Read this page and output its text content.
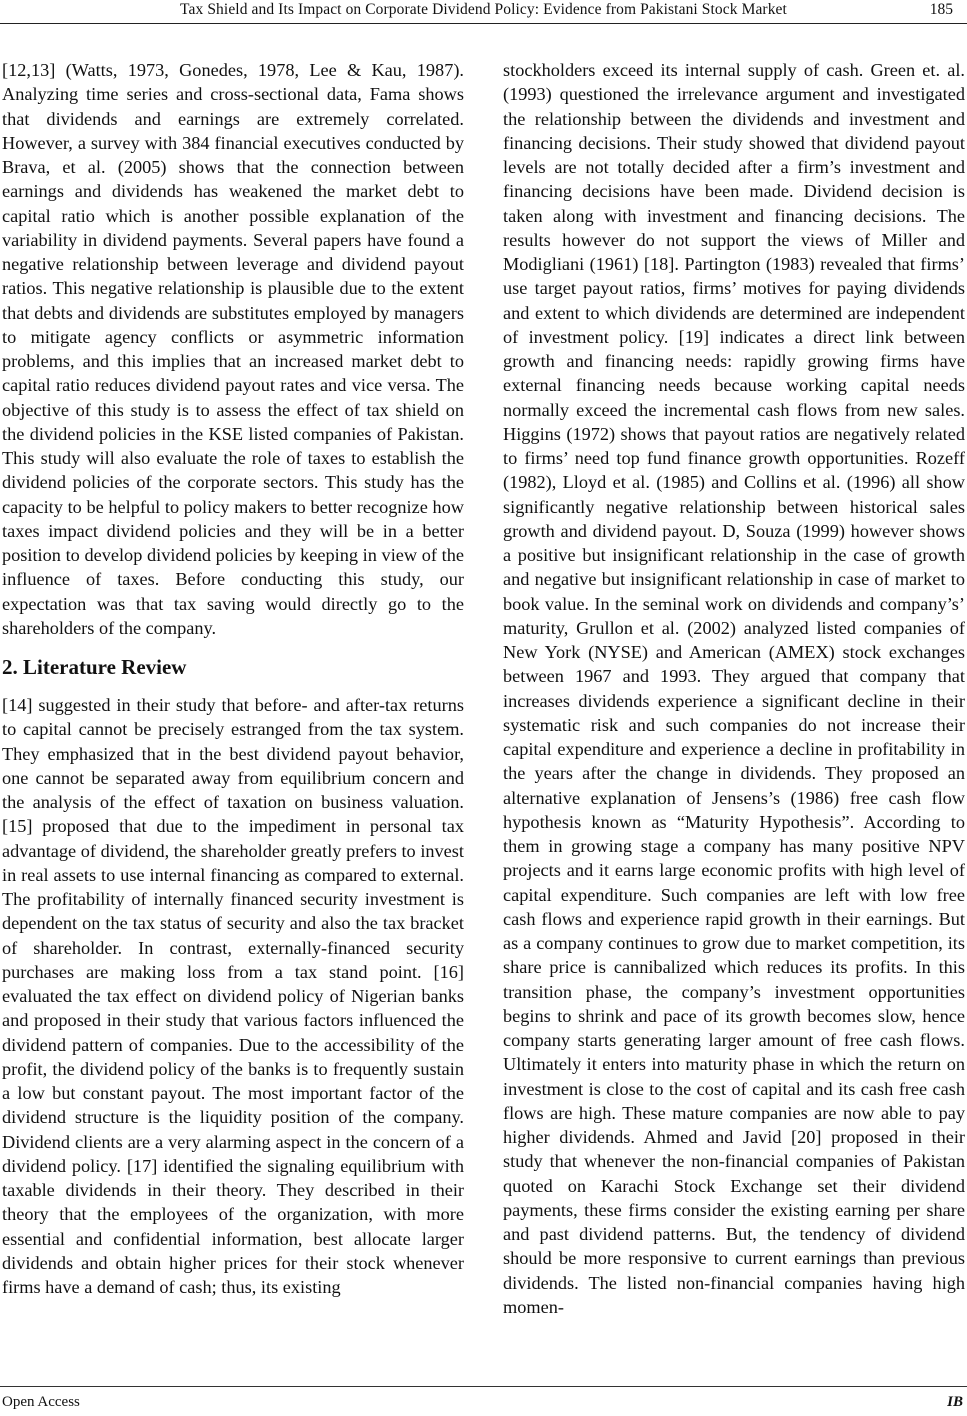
Tax Shield and Its Impact on Corporate Dividend Policy: Evidence from Pakistani Stock Market	185

[12,13] (Watts, 1973, Gonedes, 1978, Lee & Kau, 1987). Analyzing time series and cross-sectional data, Fama shows that dividends and earnings are extremely correlated. However, a survey with 384 financial executives conducted by Brava, et al. (2005) shows that the connection between earnings and dividends has weakened the market debt to capital ratio which is another possible explanation of the variability in dividend payments. Several papers have found a negative relationship between leverage and dividend payout ratios. This negative relationship is plausible due to the extent that debts and dividends are substitutes employed by managers to mitigate agency conflicts or asymmetric information problems, and this implies that an increased market debt to capital ratio reduces dividend payout rates and vice versa. The objective of this study is to assess the effect of tax shield on the dividend policies in the KSE listed companies of Pakistan. This study will also evaluate the role of taxes to establish the dividend policies of the corporate sectors. This study has the capacity to be helpful to policy makers to better recognize how taxes impact dividend policies and they will be in a better position to develop dividend policies by keeping in view of the influence of taxes. Before conducting this study, our expectation was that tax saving would directly go to the shareholders of the company.

2. Literature Review

[14] suggested in their study that before- and after-tax returns to capital cannot be precisely estranged from the tax system. They emphasized that in the best dividend payout behavior, one cannot be separated away from equilibrium concern and the analysis of the effect of taxation on business valuation. [15] proposed that due to the impediment in personal tax advantage of dividend, the shareholder greatly prefers to invest in real assets to use internal financing as compared to external. The profitability of internally financed security investment is dependent on the tax status of security and also the tax bracket of shareholder. In contrast, externally-financed security purchases are making loss from a tax stand point. [16] evaluated the tax effect on dividend policy of Nigerian banks and proposed in their study that various factors influenced the dividend pattern of companies. Due to the accessibility of the profit, the dividend policy of the banks is to frequently sustain a low but constant payout. The most important factor of the dividend structure is the liquidity position of the company. Dividend clients are a very alarming aspect in the concern of a dividend policy. [17] identified the signaling equilibrium with taxable dividends in their theory. They described in their theory that the employees of the organization, with more essential and confidential information, best allocate larger dividends and obtain higher prices for their stock whenever firms have a demand of cash; thus, its existing

stockholders exceed its internal supply of cash. Green et. al. (1993) questioned the irrelevance argument and investigated the relationship between the dividends and investment and financing decisions. Their study showed that dividend payout levels are not totally decided after a firm’s investment and financing decisions have been made. Dividend decision is taken along with investment and financing decisions. The results however do not support the views of Miller and Modigliani (1961) [18]. Partington (1983) revealed that firms’ use target payout ratios, firms’ motives for paying dividends and extent to which dividends are determined are independent of investment policy. [19] indicates a direct link between growth and financing needs: rapidly growing firms have external financing needs because working capital needs normally exceed the incremental cash flows from new sales. Higgins (1972) shows that payout ratios are negatively related to firms’ need top fund finance growth opportunities. Rozeff (1982), Lloyd et al. (1985) and Collins et al. (1996) all show significantly negative relationship between historical sales growth and dividend payout. D, Souza (1999) however shows a positive but insignificant relationship in the case of growth and negative but insignificant relationship in case of market to book value. In the seminal work on dividends and company’s’ maturity, Grullon et al. (2002) analyzed listed companies of New York (NYSE) and American (AMEX) stock exchanges between 1967 and 1993. They argued that company that increases dividends experience a significant decline in their systematic risk and such companies do not increase their capital expenditure and experience a decline in profitability in the years after the change in dividends. They proposed an alternative explanation of Jensens’s (1986) free cash flow hypothesis known as “Maturity Hypothesis”. According to them in growing stage a company has many positive NPV projects and it earns large economic profits with high level of capital expenditure. Such companies are left with low free cash flows and experience rapid growth in their earnings. But as a company continues to grow due to market competition, its share price is cannibalized which reduces its profits. In this transition phase, the company’s investment opportunities begins to shrink and pace of its growth becomes slow, hence company starts generating larger amount of free cash flows. Ultimately it enters into maturity phase in which the return on investment is close to the cost of capital and its cash free cash flows are high. These mature companies are now able to pay higher dividends. Ahmed and Javid [20] proposed in their study that whenever the non-financial companies of Pakistan quoted on Karachi Stock Exchange set their dividend payments, these firms consider the existing earning per share and past dividend patterns. But, the tendency of dividend should be more responsive to current earnings than previous dividends. The listed non-financial companies having high momen-

Open Access	IB
